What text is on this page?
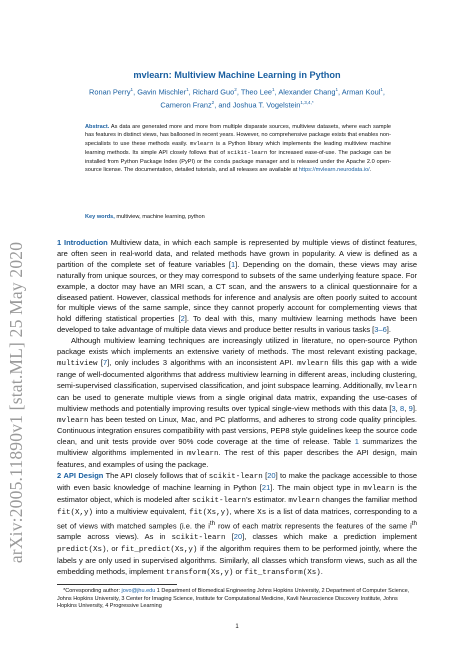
arXiv:2005.11890v1 [stat.ML] 25 May 2020
mvlearn: Multiview Machine Learning in Python
Ronan Perry$^1$, Gavin Mischler$^1$, Richard Guo$^2$, Theo Lee$^1$, Alexander Chang$^1$, Arman Koul$^1$,
Cameron Franz$^2$, and Joshua T. Vogelstein$^{1,3,4,*}$
Abstract. As data are generated more and more from multiple disparate sources, multiview datasets, where each sample has features in distinct views, has ballooned in recent years. However, no comprehensive package exists that enables non-specialists to use these methods easily. mvlearn is a Python library which implements the leading multiview machine learning methods. Its simple API closely follows that of scikit-learn for increased ease-of-use. The package can be installed from Python Package Index (PyPI) or the conda package manager and is released under the Apache 2.0 open-source license. The documentation, detailed tutorials, and all releases are available at https://mvlearn.neurodata.io/.
Key words, multiview, machine learning, python

1 Introduction Multiview data, in which each sample is represented by multiple views of distinct features, are often seen in real-world data, and related methods have grown in popularity. A view is defined as a partition of the complete set of feature variables [1]. Depending on the domain, these views may arise naturally from unique sources, or they may correspond to subsets of the same underlying feature space. For example, a doctor may have an MRI scan, a CT scan, and the answers to a clinical questionnaire for a diseased patient. However, classical methods for inference and analysis are often poorly suited to account for multiple views of the same sample, since they cannot properly account for complementing views that hold differing statistical properties [2]. To deal with this, many multiview learning methods have been developed to take advantage of multiple data views and produce better results in various tasks [3–6].

Although multiview learning techniques are increasingly utilized in literature, no open-source Python package exists which implements an extensive variety of methods. The most relevant existing package, multiview [7], only includes 3 algorithms with an inconsistent API. mvlearn fills this gap with a wide range of well-documented algorithms that address multiview learning in different areas, including clustering, semi-supervised classification, supervised classification, and joint subspace learning. Additionally, mvlearn can be used to generate multiple views from a single original data matrix, expanding the use-cases of multiview methods and potentially improving results over typical single-view methods with this data [3, 8, 9]. mvlearn has been tested on Linux, Mac, and PC platforms, and adheres to strong code quality principles. Continuous integration ensures compatibility with past versions, PEP8 style guidelines keep the source code clean, and unit tests provide over 90% code coverage at the time of release. Table 1 summarizes the multiview algorithms implemented in mvlearn. The rest of this paper describes the API design, main features, and examples of using the package.

2 API Design The API closely follows that of scikit-learn [20] to make the package accessible to those with even basic knowledge of machine learning in Python [21]. The main object type in mvlearn is the estimator object, which is modeled after scikit-learn's estimator. mvlearn changes the familiar method fit(X,y) into a multiview equivalent, fit(Xs,y), where Xs is a list of data matrices, corresponding to a set of views with matched samples (i.e. the $i^{th}$ row of each matrix represents the features of the same $i^{th}$ sample across views). As in scikit-learn [20], classes which make a prediction implement predict(Xs), or fit_predict(Xs,y) if the algorithm requires them to be performed jointly, where the labels y are only used in supervised algorithms. Similarly, all classes which transform views, such as all the embedding methods, implement transform(Xs,y) or fit_transform(Xs).

*Corresponding author: jovo@jhu.edu 1 Department of Biomedical Engineering Johns Hopkins University, 2 Department of Computer Science, Johns Hopkins University, 3 Center for Imaging Science, Institute for Computational Medicine, Kavli Neuroscience Discovery Institute, Johns Hopkins University, 4 Progressive Learning
1
